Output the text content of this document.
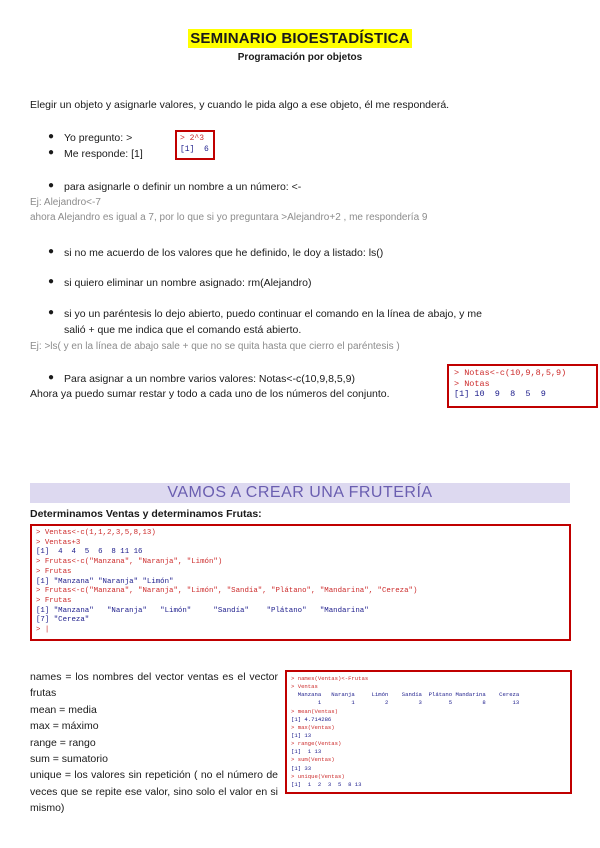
SEMINARIO BIOESTADÍSTICA
Programación por objetos
Elegir un objeto y asignarle valores, y cuando le pida algo a ese objeto, él me responderá.
● Yo pregunto: >
● Me responde: [1]
> 2^3
[1]  6
● para asignarle o definir un nombre a un número: <-
Ej: Alejandro<-7
ahora Alejandro es igual a 7, por lo que si yo preguntara >Alejandro+2 , me respondería 9
● si no me acuerdo de los valores que he definido, le doy a listado: ls()
● si quiero eliminar un nombre asignado: rm(Alejandro)
● si yo un paréntesis lo dejo abierto, puedo continuar el comando en la línea de abajo, y me
salió + que me indica que el comando está abierto.
Ej: >ls( y en la línea de abajo sale + que no se quita hasta que cierro el paréntesis )
● Para asignar a un nombre varios valores: Notas<-c(10,9,8,5,9)
Ahora ya puedo sumar restar y todo a cada uno de los números del conjunto.
> Notas<-c(10,9,8,5,9)
> Notas
[1] 10  9  8  5  9
VAMOS A CREAR UNA FRUTERÍA
Determinamos Ventas y determinamos Frutas:
> Ventas<-c(1,1,2,3,5,8,13)
> Ventas+3
[1]  4  4  5  6  8 11 16
> Frutas<-c("Manzana", "Naranja", "Limón")
> Frutas
[1] "Manzana" "Naranja" "Limón"
> Frutas<-c("Manzana", "Naranja", "Limón", "Sandía", "Plátano", "Mandarina", "Cereza")
> Frutas
[1] "Manzana"   "Naranja"   "Limón"     "Sandía"    "Plátano"   "Mandarina"
[7] "Cereza"
> |
names = los nombres del vector ventas es el vector frutas
mean = media
max = máximo
range = rango
sum = sumatorio
unique = los valores sin repetición ( no el número de veces que se repite ese valor, sino solo el valor en si mismo)
> names(Ventas)<-Frutas
> Ventas
Manzana   Naranja     Limón    Sandía  Plátano Mandarina    Cereza
1         1         2         3        5         8        13
> mean(Ventas)
[1] 4.714286
> max(Ventas)
[1] 13
> range(Ventas)
[1]  1 13
> sum(Ventas)
[1] 33
> unique(Ventas)
[1]  1  2  3  5  8 13
